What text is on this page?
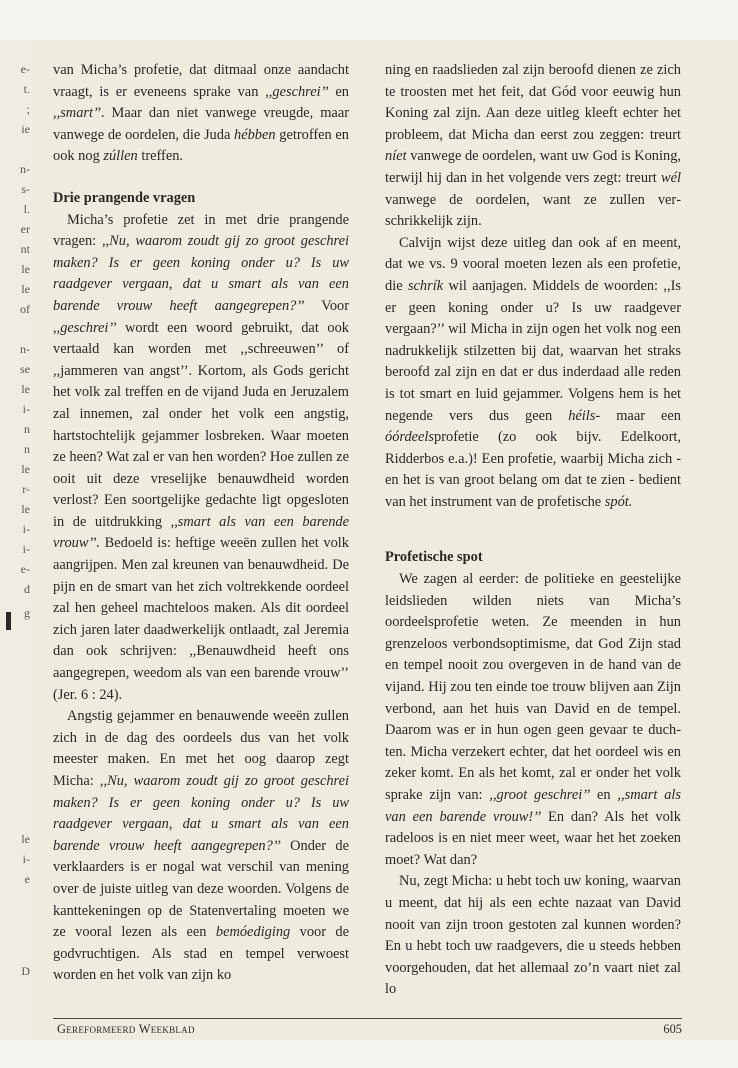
e-
t.
;
ie
n-
s-
l.
er
nt
le
le
of
n-
se
le
i-
n
n
le
r-
le
i-
i-
e-
d
g
le
i-
e
D

van Micha’s profetie, dat ditmaal onze aandacht vraagt, is er eveneens sprake van ,,geschrei’’ en ,,smart’’. Maar dan niet vanwege vreugde, maar vanwege de oordelen, die Juda hébben getroffen en ook nog zúllen treffen.

Drie prangende vragen

Micha’s profetie zet in met drie prangende vragen: ,,Nu, waarom zoudt gij zo groot geschrei maken? Is er geen koning onder u? Is uw raadgever vergaan, dat u smart als van een barende vrouw heeft aangegrepen?’’ Voor ,,geschrei’’ wordt een woord gebruikt, dat ook vertaald kan worden met ,,schreeuwen’’ of ,,jammeren van angst’’. Kortom, als Gods gericht het volk zal treffen en de vijand Juda en Jeruzalem zal innemen, zal onder het volk een angstig, hartstochtelijk gejammer losbreken. Waar moeten ze heen? Wat zal er van hen worden? Hoe zullen ze ooit uit deze vreselijke benauwdheid worden verlost? Een soortgelijke gedachte ligt opgesloten in de uitdrukking ,,smart als van een barende vrouw’’. Bedoeld is: heftige weeën zullen het volk aangrijpen. Men zal kreunen van benauwdheid. De pijn en de smart van het zich voltrekkende oordeel zal hen geheel machteloos maken. Als dit oordeel zich jaren later daadwerkelijk ontlaadt, zal Jeremia dan ook schrijven: ,,Benauwdheid heeft ons aangegrepen, weedom als van een barende vrouw’’ (Jer. 6 : 24).

Angstig gejammer en benauwende weeën zullen zich in de dag des oordeels dus van het volk meester maken. En met het oog daarop zegt Micha: ,,Nu, waarom zoudt gij zo groot geschrei maken? Is er geen koning onder u? Is uw raadgever vergaan, dat u smart als van een barende vrouw heeft aangegrepen?’’ Onder de verklaarders is er nogal wat verschil van mening over de juiste uitleg van deze woorden. Volgens de kanttekeningen op de Statenvertaling moeten we ze vooral lezen als een bemóediging voor de godvruchtigen. Als stad en tempel verwoest worden en het volk van zijn ko

ning en raadslieden zal zijn beroofd dienen ze zich te troosten met het feit, dat Gód voor eeuwig hun Koning zal zijn. Aan deze uitleg kleeft echter het probleem, dat Micha dan eerst zou zeggen: treurt níet vanwege de oordelen, want uw God is Koning, terwijl hij dan in het volgende vers zegt: treurt wél vanwege de oordelen, want ze zullen verschrikkelijk zijn.

Calvijn wijst deze uitleg dan ook af en meent, dat we vs. 9 vooral moeten lezen als een profetie, die schrík wil aanjagen. Middels de woorden: ,,Is er geen koning onder u? Is uw raadgever vergaan?’’ wil Micha in zijn ogen het volk nog een nadrukkelijk stilzetten bij dat, waarvan het straks beroofd zal zijn en dat er dus inderdaad alle reden is tot smart en luid gejammer. Volgens hem is het negende vers dus geen héils- maar een óórdeelsprofetie (zo ook bijv. Edelkoort, Ridderbos e.a.)! Een profetie, waarbij Micha zich - en het is van groot belang om dat te zien - bedient van het instrument van de profetische spót.

Profetische spot

We zagen al eerder: de politieke en geestelijke leidslieden wilden niets van Micha’s oordeelsprofetie weten. Ze meenden in hun grenzeloos verbondsoptimisme, dat God Zijn stad en tempel nooit zou overgeven in de hand van de vijand. Hij zou ten einde toe trouw blijven aan Zijn verbond, aan het huis van David en de tempel. Daarom was er in hun ogen geen gevaar te duchten. Micha verzekert echter, dat het oordeel wis en zeker komt. En als het komt, zal er onder het volk sprake zijn van: ,,groot geschrei’’ en ,,smart als van een barende vrouw!’’ En dan? Als het volk radeloos is en niet meer weet, waar het het zoeken moet? Wat dan?

Nu, zegt Micha: u hebt toch uw koning, waarvan u meent, dat hij als een echte nazaat van David nooit van zijn troon gestoten zal kunnen worden? En u hebt toch uw raadgevers, die u steeds hebben voorgehouden, dat het allemaal zo’n vaart niet zal lo

Gereformeerd Weekblad	605
